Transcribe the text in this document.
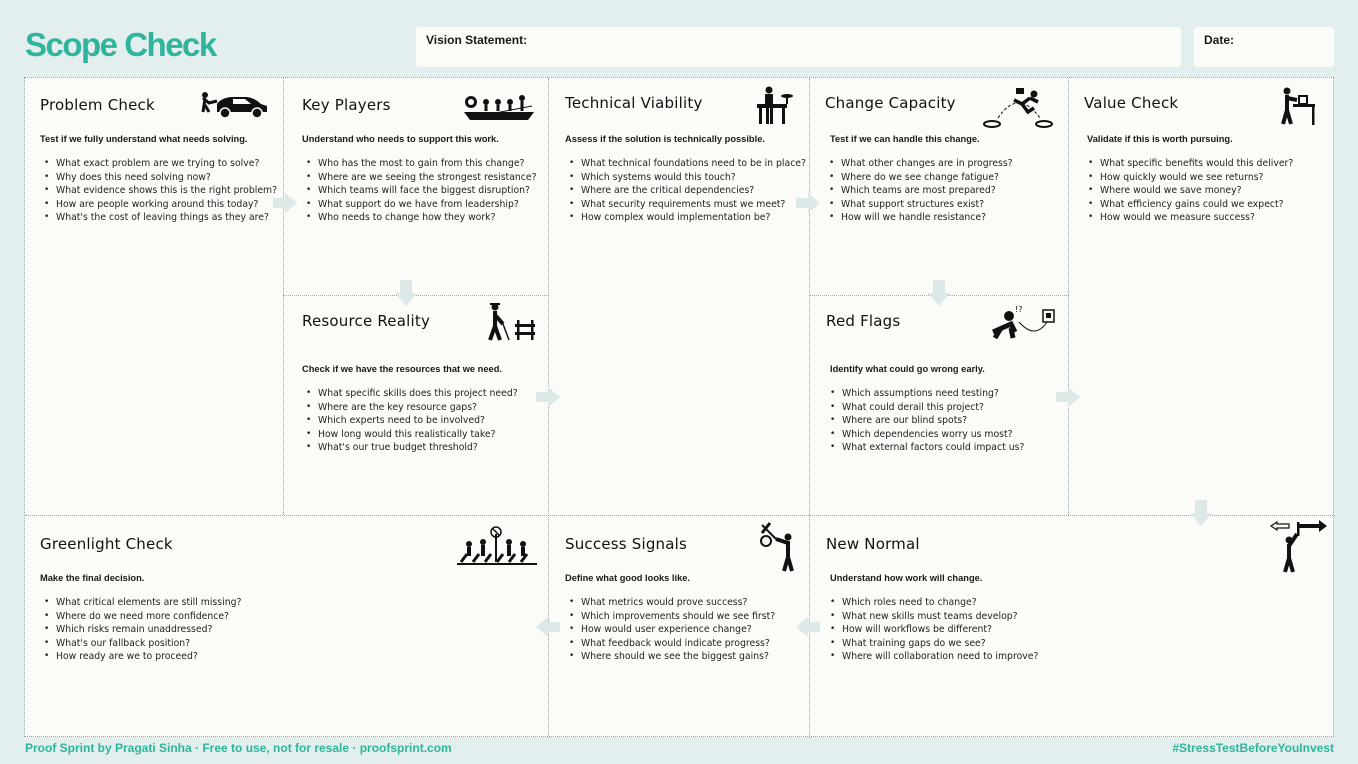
Scope Check	Vision Statement:	Date:
Problem Check
Test if we fully understand what needs solving.
• What exact problem are we trying to solve?
• Why does this need solving now?
• What evidence shows this is the right problem?
• How are people working around this today?
• What's the cost of leaving things as they are?
Key Players
Understand who needs to support this work.
• Who has the most to gain from this change?
• Where are we seeing the strongest resistance?
• Which teams will face the biggest disruption?
• What support do we have from leadership?
• Who needs to change how they work?
Technical Viability
Assess if the solution is technically possible.
• What technical foundations need to be in place?
• Which systems would this touch?
• Where are the critical dependencies?
• What security requirements must we meet?
• How complex would implementation be?
Change Capacity
Test if we can handle this change.
• What other changes are in progress?
• Where do we see change fatigue?
• Which teams are most prepared?
• What support structures exist?
• How will we handle resistance?
Value Check
Validate if this is worth pursuing.
• What specific benefits would this deliver?
• How quickly would we see returns?
• Where would we save money?
• What efficiency gains could we expect?
• How would we measure success?
Resource Reality
Check if we have the resources that we need.
• What specific skills does this project need?
• Where are the key resource gaps?
• Which experts need to be involved?
• How long would this realistically take?
• What's our true budget threshold?
Red Flags
Identify what could go wrong early.
• Which assumptions need testing?
• What could derail this project?
• Where are our blind spots?
• Which dependencies worry us most?
• What external factors could impact us?
!?
Greenlight Check
Make the final decision.
• What critical elements are still missing?
• Where do we need more confidence?
• Which risks remain unaddressed?
• What's our fallback position?
• How ready are we to proceed?
Success Signals
Define what good looks like.
• What metrics would prove success?
• Which improvements should we see first?
• How would user experience change?
• What feedback would indicate progress?
• Where should we see the biggest gains?
New Normal
Understand how work will change.
• Which roles need to change?
• What new skills must teams develop?
• How will workflows be different?
• What training gaps do we see?
• Where will collaboration need to improve?
Proof Sprint by Pragati Sinha · Free to use, not for resale · proofsprint.com	#StressTestBeforeYouInvest
